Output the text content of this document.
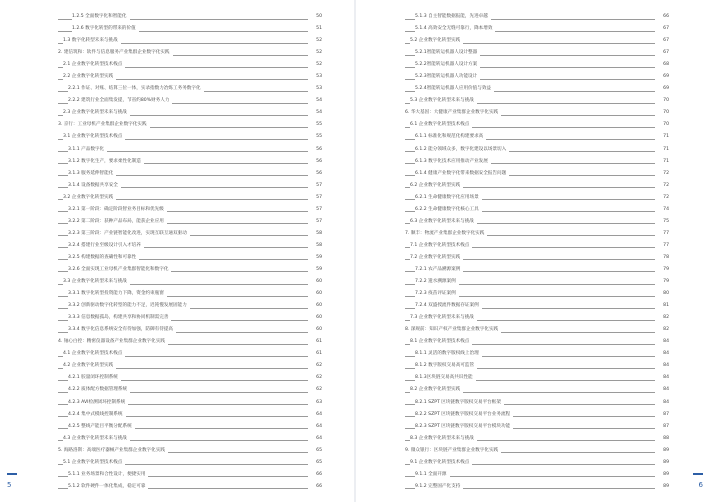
1.2.5 全面数字化和智能化	50
1.2.6 数字化转型的带来的价值	51
1.3 数字化转型未来与挑战	52
2. 建信筑和：软件与信息服务产业集群企业数字化实践	52
2.1 企业数字化转型技术栈点	52
2.2 企业数字化转型实践	53
2.2.1 作证、对账、结算三位一体，实录指数力冶炼工务务数字化	53
2.2.2 建筑行业全面集发提，节省约80%财务人力	54
2.3 企业数字化转型未来与挑战	54
3. 京行：工业母机产业集群企业数字化实践	55
3.1 企业数字化转型技术栈点	55
3.1.1 产品数字化	56
3.1.2 数字化生产，要求柔性化制造	56
3.1.3 服务延伸智能化	56
3.1.4 设备数据共享安全	57
3.2 企业数字化转型实践	57
3.2.1 第一阶段：确定阶段智业务目标和优先级	57
3.2.2 第二阶段：获种产品布局，能获企业应用	57
3.2.3 第三阶段：产业链智能化改进，实现互联互通双驱动	58
3.2.4 搭建行业至级设计引入才培养	58
3.2.5 构建数据的查确性和可靠性	59
3.2.6 全面实现工业母机产业集群智能化和数字化	59
3.3 企业数字化转型未来与挑战	60
3.3.1 数字化转型投资能力下降，资金约束瓶窗	60
3.3.2 创新驱动数字化转型的能力不足，迟钝慢发展固能力	60
3.3.3 信息数据孤岛，构建共享和协同机制需完善	60
3.3.4 数字化信息系统安全有待加强，防御有待提高	60
4. 铀心白控：精密仪器设备产业集群企业数字化实践	61
4.1 企业数字化转型技术栈点	61
4.2 企业数字化转型实践	62
4.2.1 胶量闭环控制系统	62
4.2.2 质体配方数据管理系统	62
4.2.3 AVI检测闭环控制系统	63
4.2.4 集中式模线控制系统	64
4.2.5 整线产能目平衡分配系统	64
4.3 企业数字化转型未来与挑战	64
5. 海路洛斯：高端医疗器械产业集群企业数字化实践	65
5.1 企业数字化转型技术栈点	65
5.1.1 业务场景和合性设计，便捷实用	66
5.1.2 软件硬件一体化集成，稳定可靠	66
5
5.1.3 自主智能数据报能，先进卓越	66
5.1.4 高效安全无缝可靠行，降本增效	67
5.2 企业数字化转型实践	67
5.2.1智能转运机器人设计整器	67
5.2.2智能转运机器人设计方案	68
5.2.3智能转运机器人功能设计	69
5.2.4智能转运机器人应用价值与效益	69
5.3 企业数字化转型未来与挑战	70
6. 华大基因：大健康产业集群企业数字化实践	70
6.1 企业数字化转型技术栈点	70
6.1.1 标准化和规范化构建要求高	71
6.1.2 能分领域众多，数字化建设以场景切入	71
6.1.3 数字化技术应用推动产业发展	71
6.1.4 健康产业数字化带来数据安全报告问题	72
6.2 企业数字化转型实践	72
6.2.1 生命健康数字化应用场景	72
6.2.2 生命健康数字化核心工具	74
6.3 企业数字化转型未来与挑战	75
7. 顺丰：物流产业集群企业数字化实践	77
7.1 企业数字化转型技术栈点	77
7.2 企业数字化转型实践	78
7.2.1 农产品溯源案例	79
7.2.2 遗水溯源案例	79
7.2.3 疫苗评证案例	80
7.2.4 双盛授流件数据存证案例	81
7.3 企业数字化转型未来与挑战	82
8. 深规前：知识产权产业集群企业数字化实践	82
8.1 企业数字化转型技术栈点	84
8.1.1 灵活的数字版权线上治理	84
8.1.2 数字版权交易高可监管	84
8.1.3区块链交易高共识性能	84
8.2 企业数字化转型实践	84
8.2.1 SZPT 区块链数字版权交易平台框架	84
8.2.2 SZPT 区块链数字版权交易平台业务流程	87
8.2.3 SZPT 区块链数字版权交易平台模块功能	87
8.3 企业数字化转型未来与挑战	88
9. 微众银行：区块链产业集群企业数字化实践	89
9.1 企业数字化转型技术栈点	89
9.1.1 全面开源	89
9.1.2 完整国产化支持	89	6
